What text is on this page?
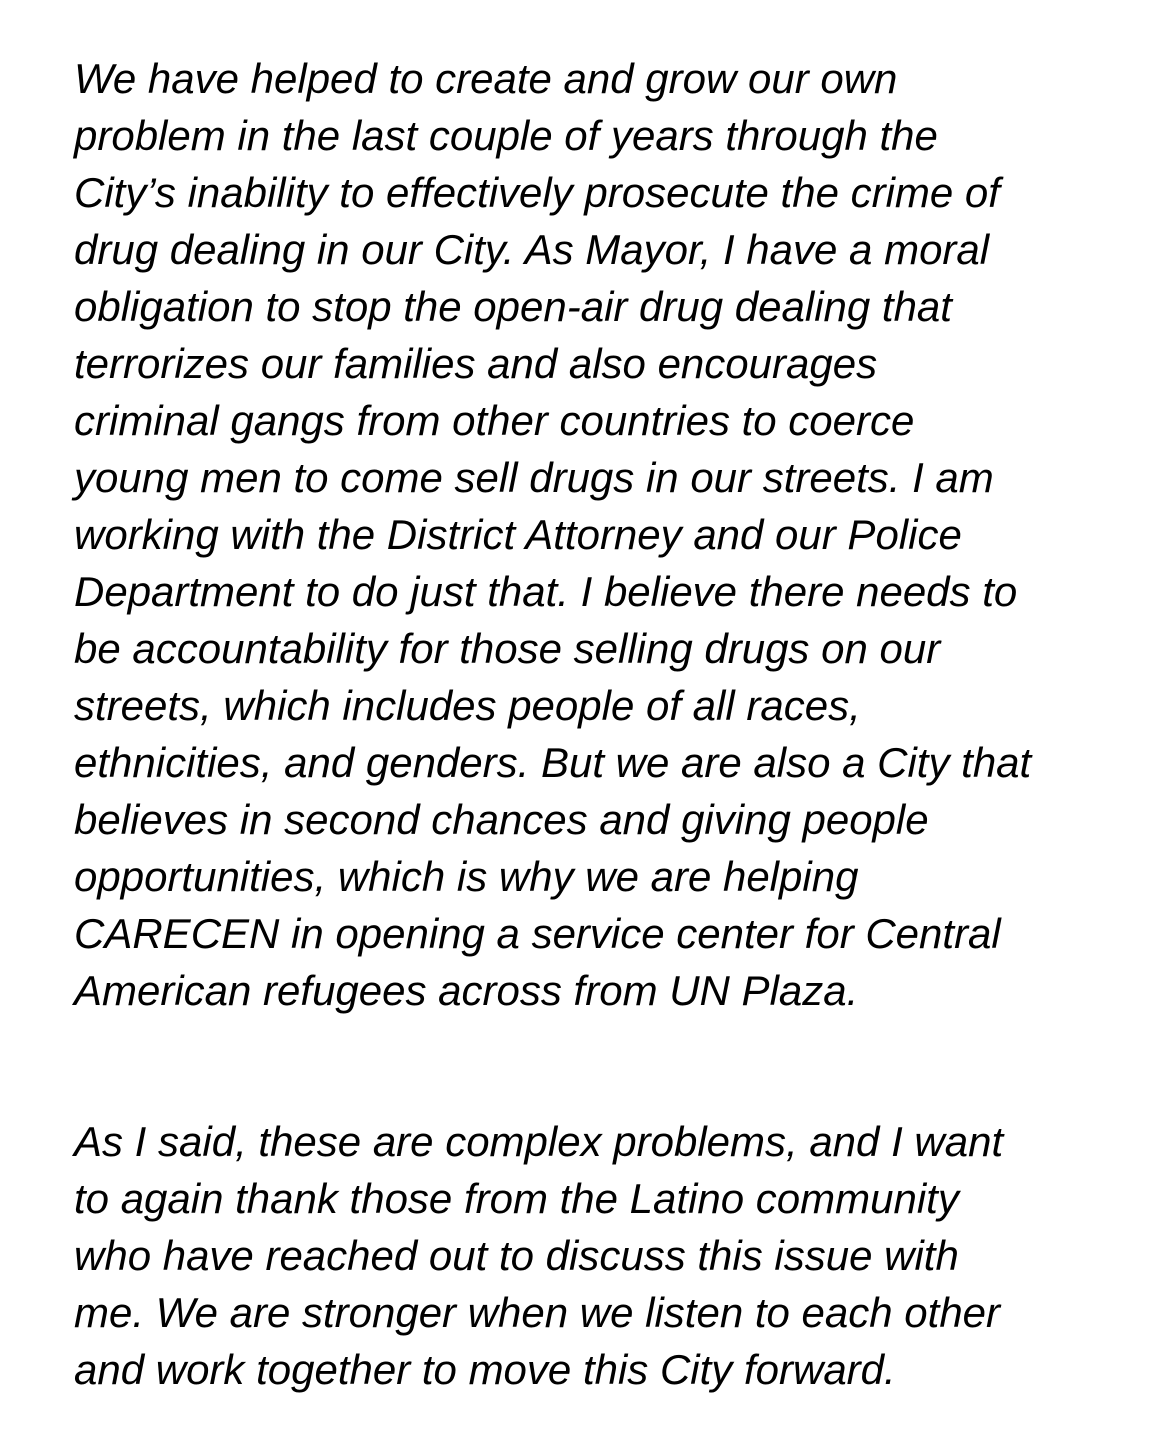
We have helped to create and grow our own

problem in the last couple of years through the

City’s inability to effectively prosecute the crime of

drug dealing in our City. As Mayor, I have a moral

obligation to stop the open-air drug dealing that

terrorizes our families and also encourages

criminal gangs from other countries to coerce

young men to come sell drugs in our streets. I am

working with the District Attorney and our Police

Department to do just that. I believe there needs to

be accountability for those selling drugs on our

streets, which includes people of all races,

ethnicities, and genders. But we are also a City that

believes in second chances and giving people

opportunities, which is why we are helping

CARECEN in opening a service center for Central

American refugees across from UN Plaza.

As I said, these are complex problems, and I want

to again thank those from the Latino community

who have reached out to discuss this issue with

me. We are stronger when we listen to each other

and work together to move this City forward.
